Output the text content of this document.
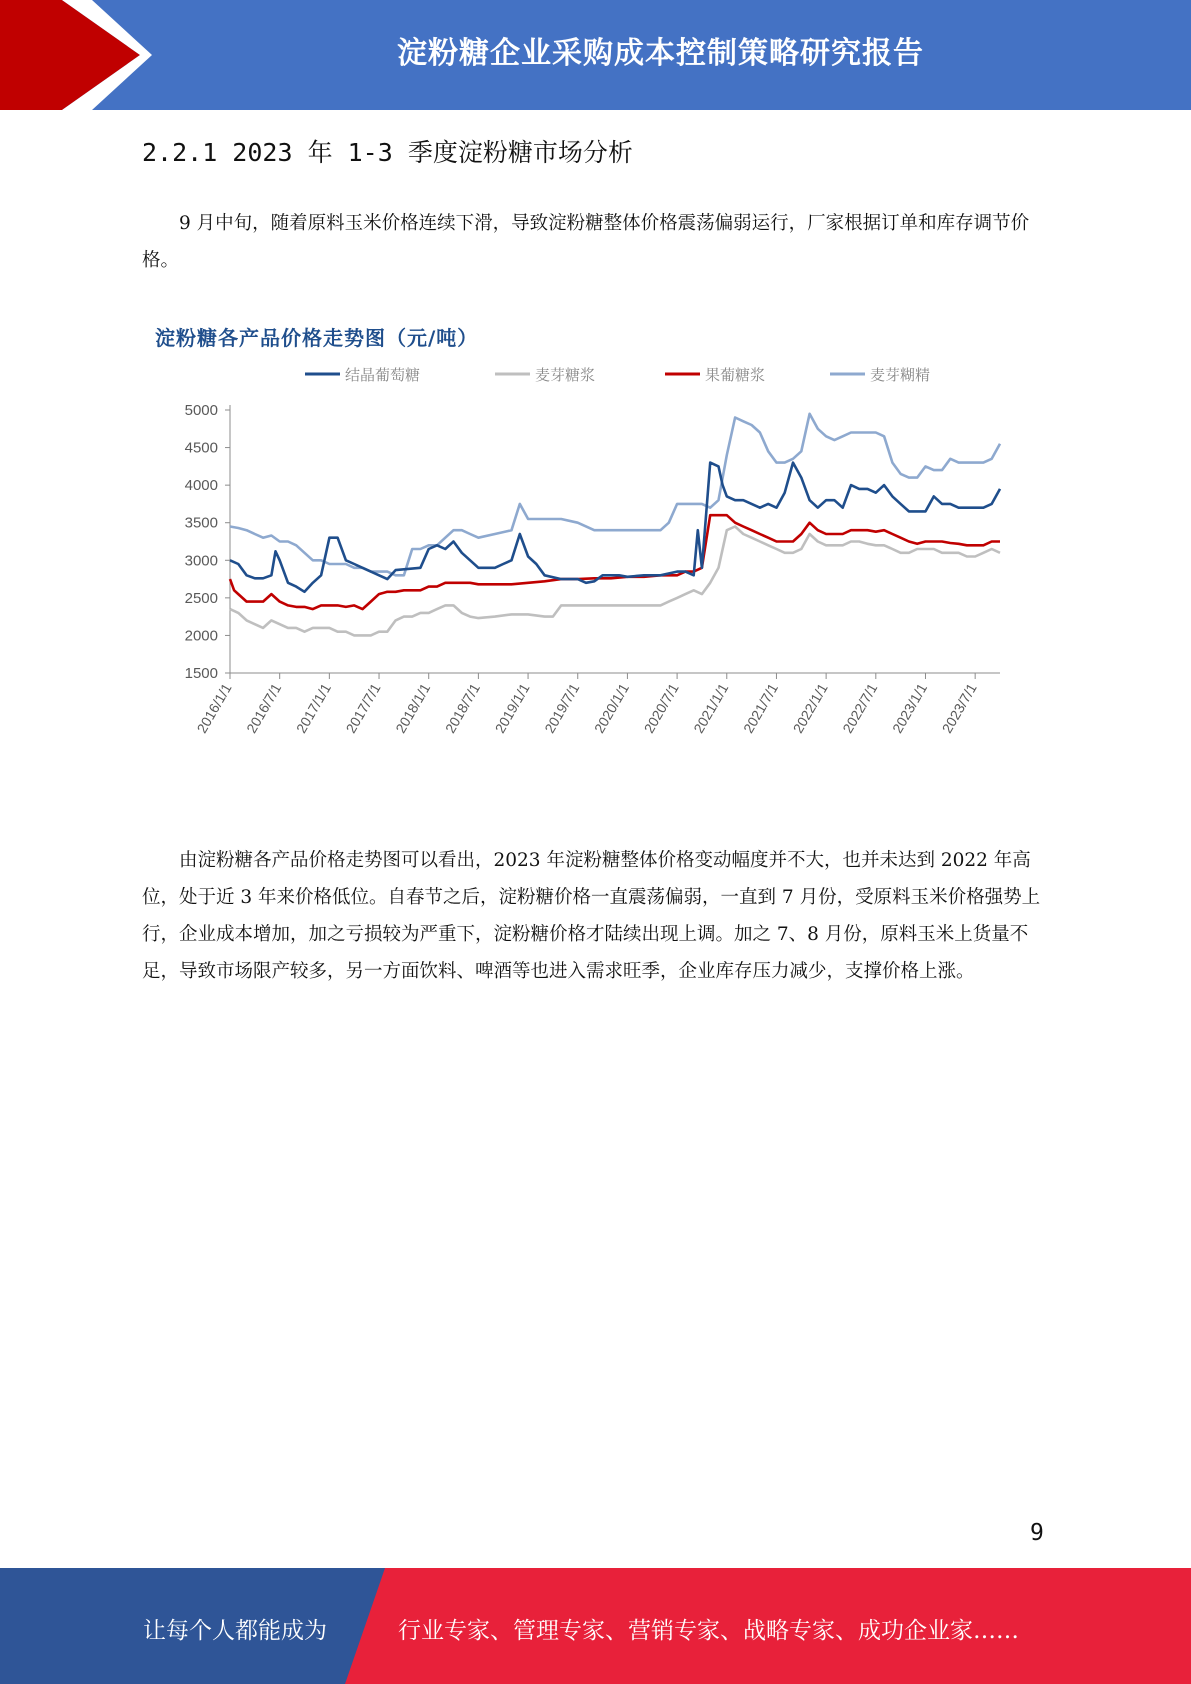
淀粉糖企业采购成本控制策略研究报告
2.2.1 2023 年 1-3 季度淀粉糖市场分析
9 月中旬，随着原料玉米价格连续下滑，导致淀粉糖整体价格震荡偏弱运行，厂家根据订单和库存调节价格。
淀粉糖各产品价格走势图（元/吨）
结晶葡萄糖	麦芽糖浆	果葡糖浆	麦芽糊精
5000
4500
4000
3500
3000
2500
2000
1500
2016/1/1 2016/7/1 2017/1/1 2017/7/1 2018/1/1 2018/7/1 2019/1/1 2019/7/1 2020/1/1 2020/7/1 2021/1/1 2021/7/1 2022/1/1 2022/7/1 2023/1/1 2023/7/1
由淀粉糖各产品价格走势图可以看出，2023 年淀粉糖整体价格变动幅度并不大，也并未达到 2022 年高位，处于近 3 年来价格低位。自春节之后，淀粉糖价格一直震荡偏弱，一直到 7 月份，受原料玉米价格强势上行，企业成本增加，加之亏损较为严重下，淀粉糖价格才陆续出现上调。加之 7、8 月份，原料玉米上货量不足，导致市场限产较多，另一方面饮料、啤酒等也进入需求旺季，企业库存压力减少，支撑价格上涨。
9
让每个人都能成为	行业专家、管理专家、营销专家、战略专家、成功企业家……
